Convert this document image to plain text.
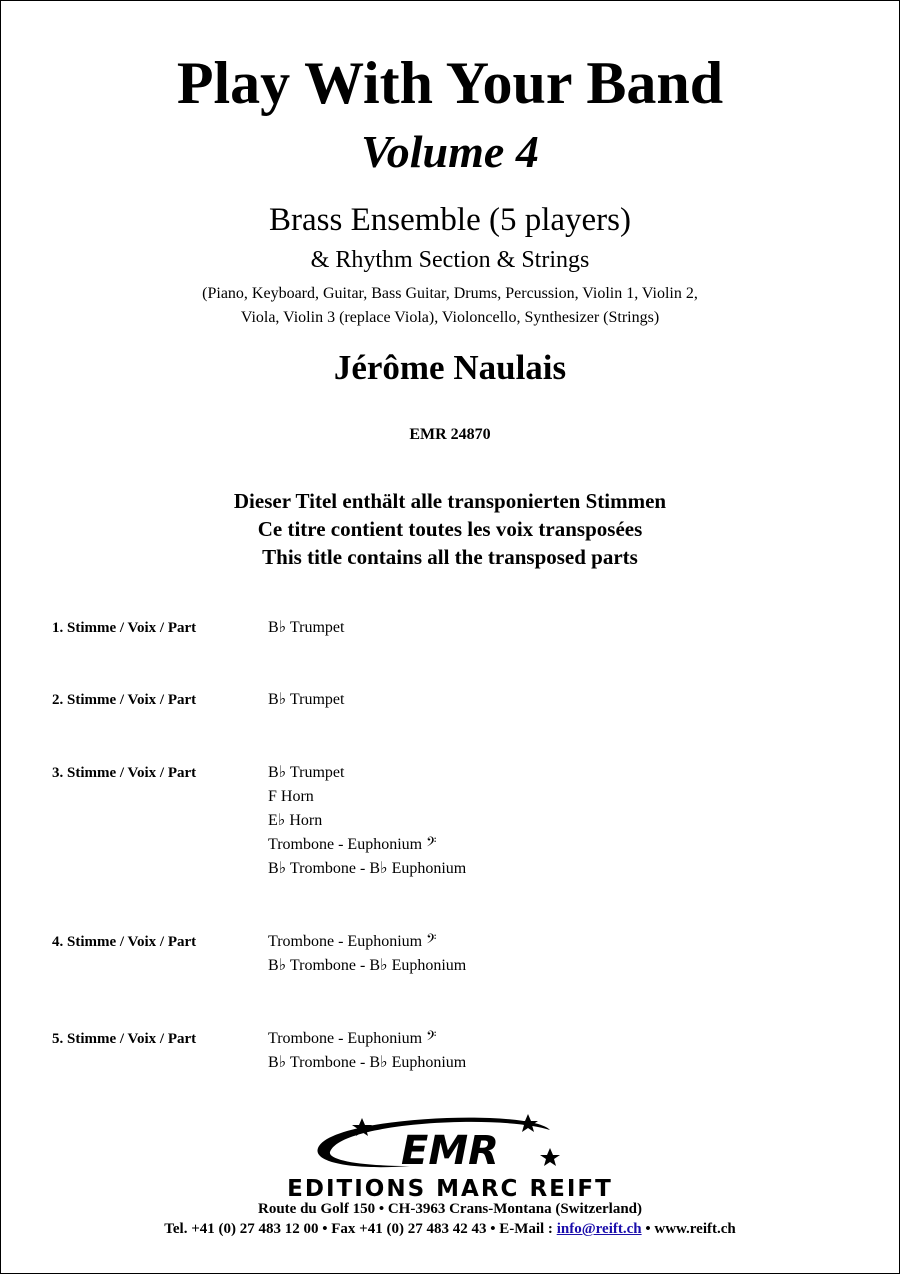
Play With Your Band
Volume 4
Brass Ensemble (5 players)
& Rhythm Section & Strings
(Piano, Keyboard, Guitar, Bass Guitar, Drums, Percussion, Violin 1, Violin 2,
Viola, Violin 3 (replace Viola), Violoncello, Synthesizer (Strings)
Jérôme Naulais
EMR 24870
Dieser Titel enthält alle transponierten Stimmen
Ce titre contient toutes les voix transposées
This title contains all the transposed parts
1. Stimme / Voix / Part	B♭ Trumpet
2. Stimme / Voix / Part	B♭ Trumpet
3. Stimme / Voix / Part	B♭ Trumpet
F Horn
E♭ Horn
Trombone - Euphonium 𝄢
B♭ Trombone - B♭ Euphonium
4. Stimme / Voix / Part	Trombone - Euphonium 𝄢
B♭ Trombone - B♭ Euphonium
5. Stimme / Voix / Part	Trombone - Euphonium 𝄢
B♭ Trombone - B♭ Euphonium
EMR
EDITIONS MARC REIFT
Route du Golf 150 • CH-3963 Crans-Montana (Switzerland)
Tel. +41 (0) 27 483 12 00 • Fax +41 (0) 27 483 42 43 • E-Mail : info@reift.ch • www.reift.ch
